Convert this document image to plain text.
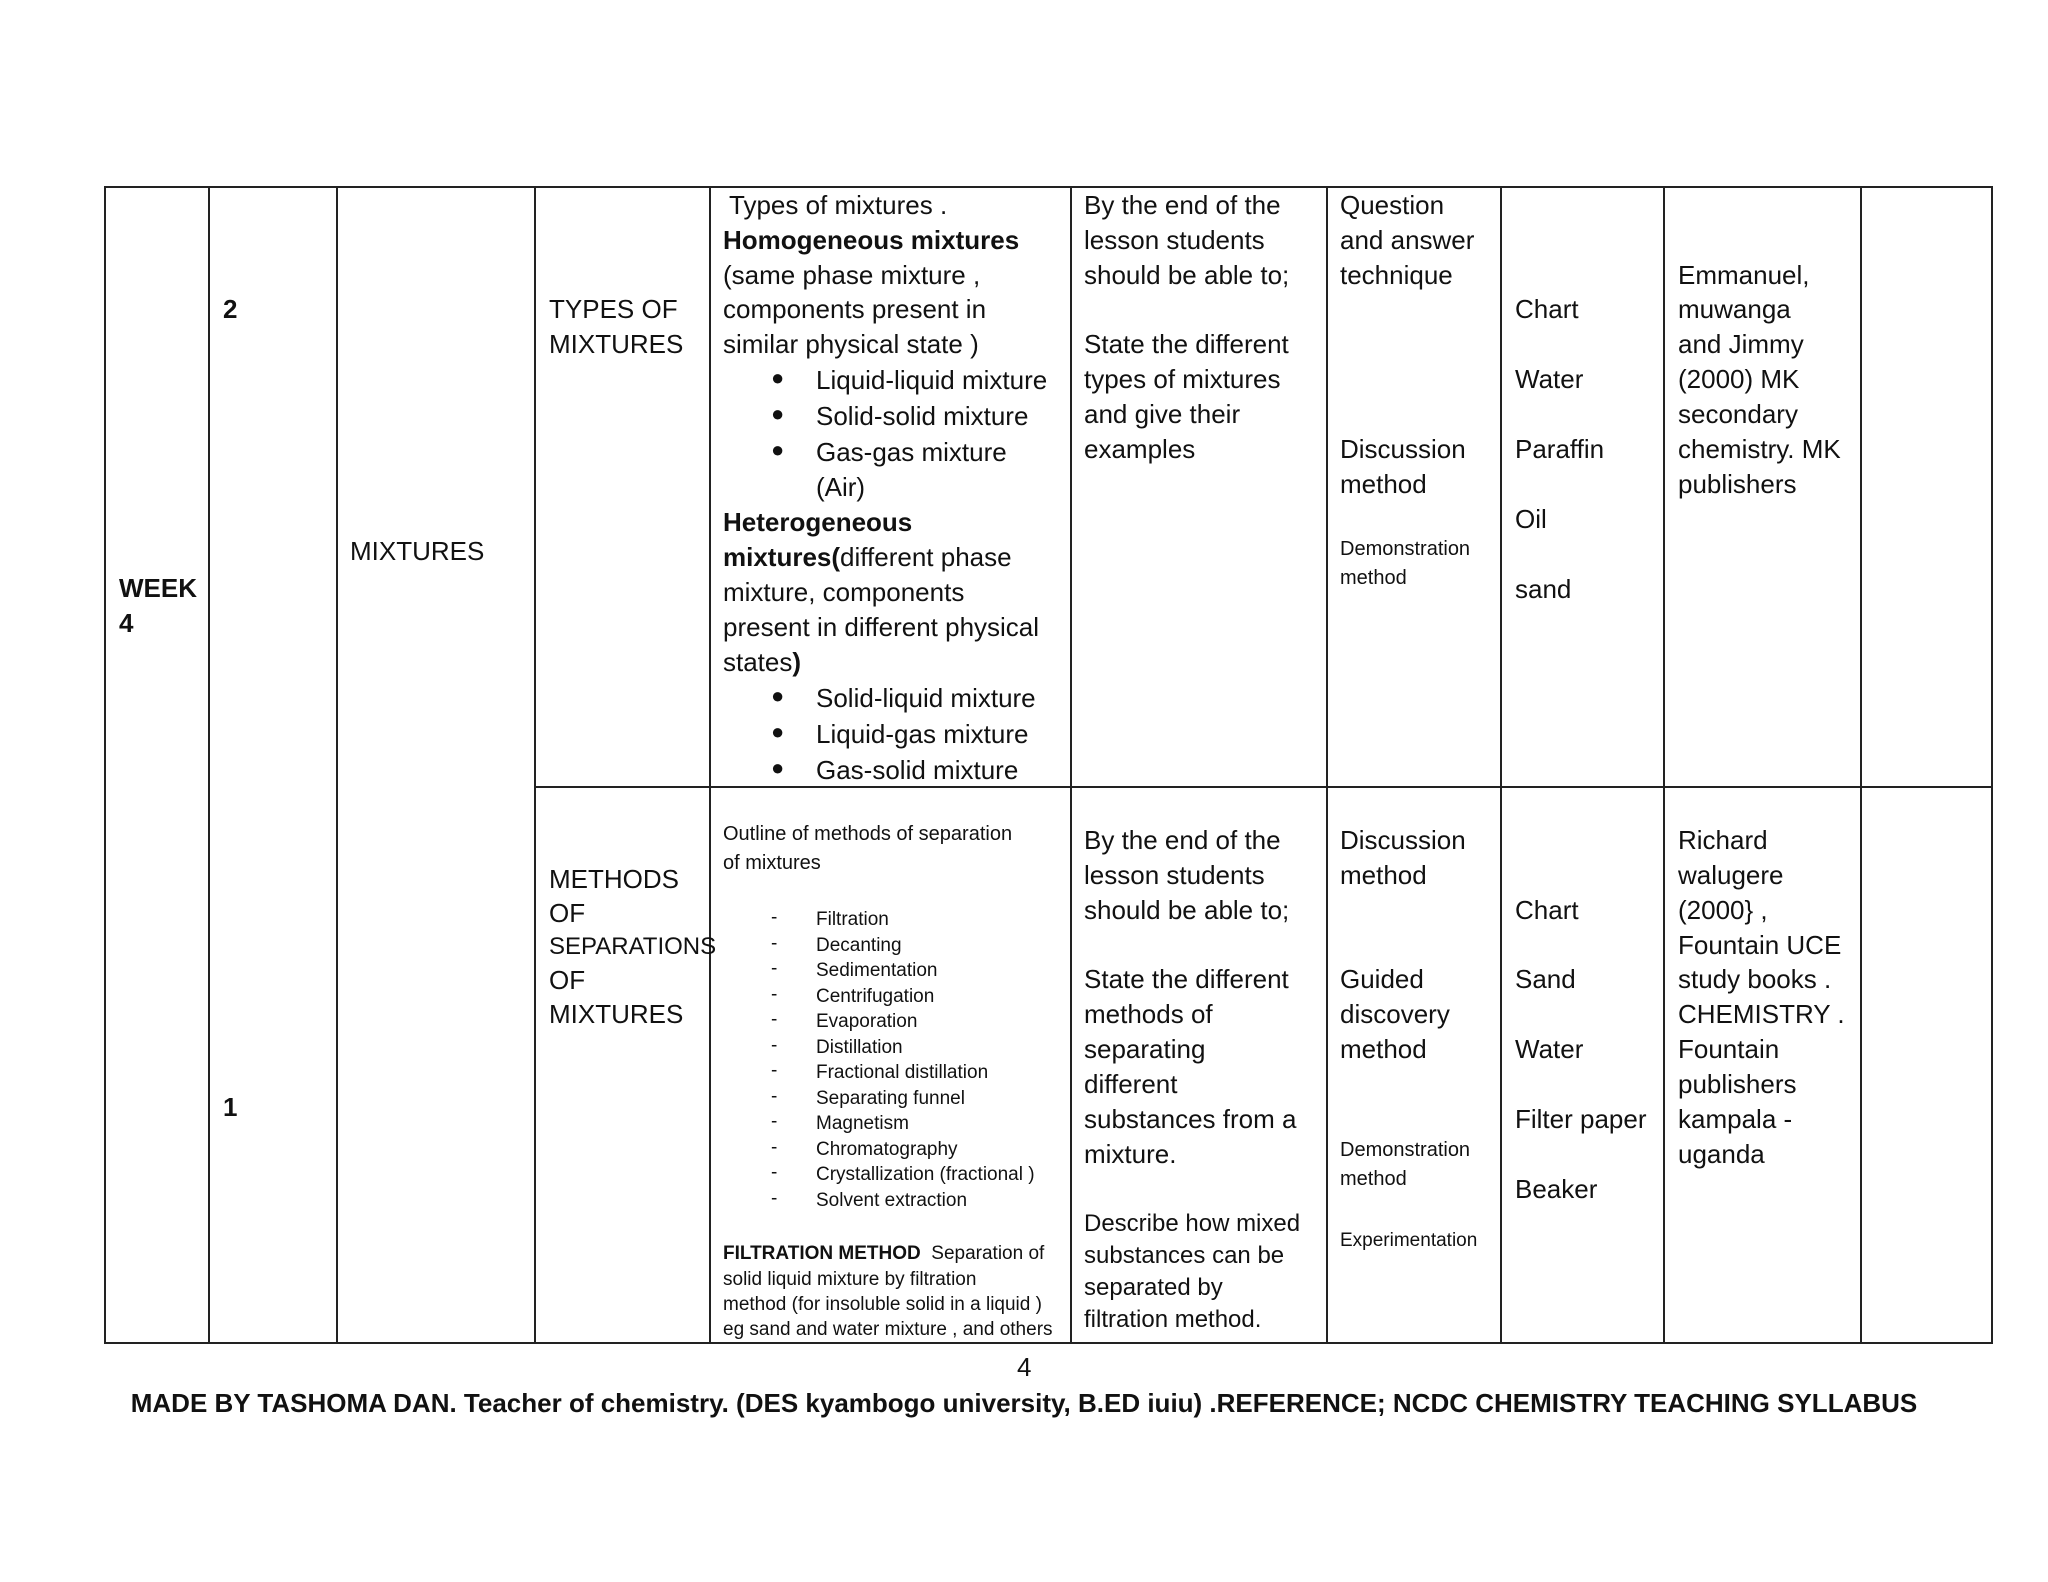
WEEK
4
2
1
MIXTURES
TYPES OF
MIXTURES
Types of mixtures .
Homogeneous mixtures
(same phase mixture ,
components present in
similar physical state )
● Liquid-liquid mixture
● Solid-solid mixture
● Gas-gas mixture
(Air)
Heterogeneous
mixtures(different phase
mixture, components
present in different physical
states)
● Solid-liquid mixture
● Liquid-gas mixture
● Gas-solid mixture
By the end of the
lesson students
should be able to;
State the different
types of mixtures
and give their
examples
Question
and answer
technique
Discussion
method
Demonstration
method
Chart
Water
Paraffin
Oil
sand
Emmanuel,
muwanga
and Jimmy
(2000) MK
secondary
chemistry. MK
publishers
METHODS
OF
SEPARATIONS
OF
MIXTURES
Outline of methods of separation
of mixtures
- Filtration
- Decanting
- Sedimentation
- Centrifugation
- Evaporation
- Distillation
- Fractional distillation
- Separating funnel
- Magnetism
- Chromatography
- Crystallization (fractional )
- Solvent extraction
FILTRATION METHOD Separation of
solid liquid mixture by filtration
method (for insoluble solid in a liquid )
eg sand and water mixture , and others
By the end of the
lesson students
should be able to;
State the different
methods of
separating
different
substances from a
mixture.
Describe how mixed
substances can be
separated by
filtration method.
Discussion
method
Guided
discovery
method
Demonstration
method
Experimentation
Chart
Sand
Water
Filter paper
Beaker
Richard
walugere
(2000} ,
Fountain UCE
study books .
CHEMISTRY .
Fountain
publishers
kampala -
uganda
4
MADE BY TASHOMA DAN. Teacher of chemistry. (DES kyambogo university, B.ED iuiu) .REFERENCE; NCDC CHEMISTRY TEACHING SYLLABUS
